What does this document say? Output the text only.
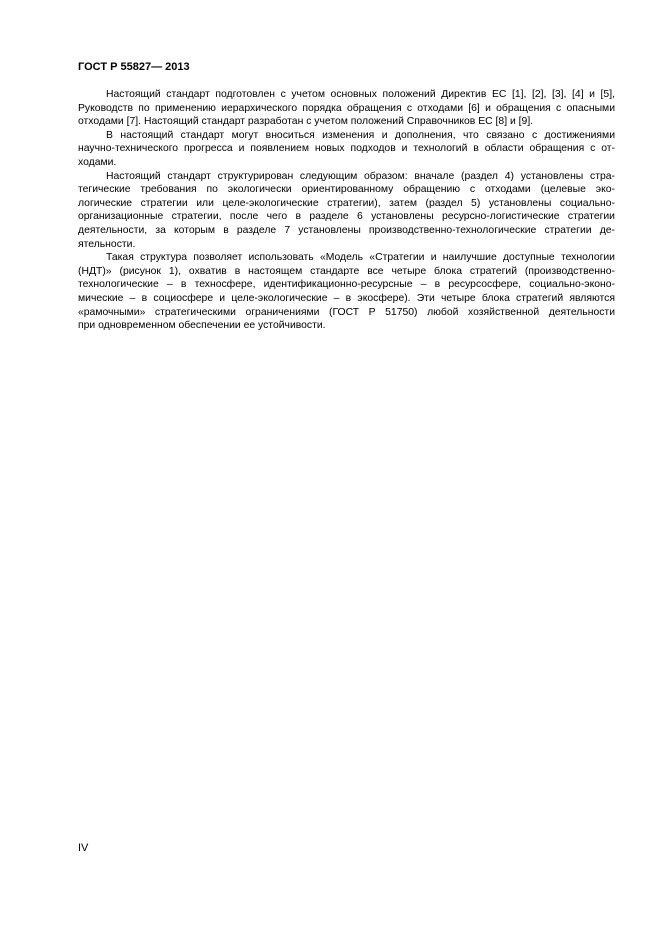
ГОСТ Р 55827— 2013
Настоящий стандарт подготовлен с учетом основных положений Директив ЕС [1], [2], [3], [4] и [5],
Руководств по применению иерархического порядка обращения с отходами [6] и обращения с опасными
отходами [7]. Настоящий стандарт разработан с учетом положений Справочников ЕС [8] и [9].
В настоящий стандарт могут вноситься изменения и дополнения, что связано с достижениями
научно-технического прогресса и появлением новых подходов и технологий в области обращения с от-
ходами.
Настоящий стандарт структурирован следующим образом: вначале (раздел 4) установлены стра-
тегические требования по экологически ориентированному обращению с отходами (целевые эко-
логические стратегии или целе-экологические стратегии), затем (раздел 5) установлены социально-
организационные стратегии, после чего в разделе 6 установлены ресурсно-логистические стратегии
деятельности, за которым в разделе 7 установлены производственно-технологические стратегии де-
ятельности.
Такая структура позволяет использовать «Модель «Стратегии и наилучшие доступные технологии
(НДТ)» (рисунок 1), охватив в настоящем стандарте все четыре блока стратегий (производственно-
технологические – в техносфере, идентификационно-ресурсные – в ресурсосфере, социально-эконо-
мические – в социосфере и целе-экологические – в экосфере). Эти четыре блока стратегий являются
«рамочными» стратегическими ограничениями (ГОСТ Р 51750) любой хозяйственной деятельности
при одновременном обеспечении ее устойчивости.
IV
